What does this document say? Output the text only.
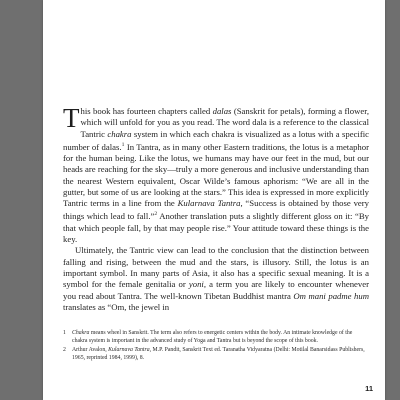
This book has fourteen chapters called dalas (Sanskrit for petals), forming a flower, which will unfold for you as you read. The word dala is a reference to the classical Tantric chakra system in which each chakra is visualized as a lotus with a specific number of dalas.$^1$ In Tantra, as in many other Eastern traditions, the lotus is a metaphor for the human being. Like the lotus, we humans may have our feet in the mud, but our heads are reaching for the sky—truly a more generous and inclusive understanding than the nearest Western equivalent, Oscar Wilde’s famous aphorism: “We are all in the gutter, but some of us are looking at the stars.” This idea is expressed in more explicitly Tantric terms in a line from the Kularnava Tantra, “Success is obtained by those very things which lead to fall.”$^2$ Another translation puts a slightly different gloss on it: “By that which people fall, by that may people rise.” Your attitude toward these things is the key.

Ultimately, the Tantric view can lead to the conclusion that the distinction between falling and rising, between the mud and the stars, is illusory. Still, the lotus is an important symbol. In many parts of Asia, it also has a specific sexual meaning. It is a symbol for the female genitalia or yoni, a term you are likely to encounter whenever you read about Tantra. The well-known Tibetan Buddhist mantra Om mani padme hum translates as “Om, the jewel in

1	Chakra means wheel in Sanskrit. The term also refers to energetic centers within the body. An intimate knowledge of the chakra system is important in the advanced study of Yoga and Tantra but is beyond the scope of this book.
2	Arthur Avalon, Kularnava Tantra, M.P. Pandit, Sanskrit Text ed. Taranatha Vidyaratna (Delhi: Motilal Banarsidass Publishers, 1965, reprinted 1984, 1999), 8.
11
